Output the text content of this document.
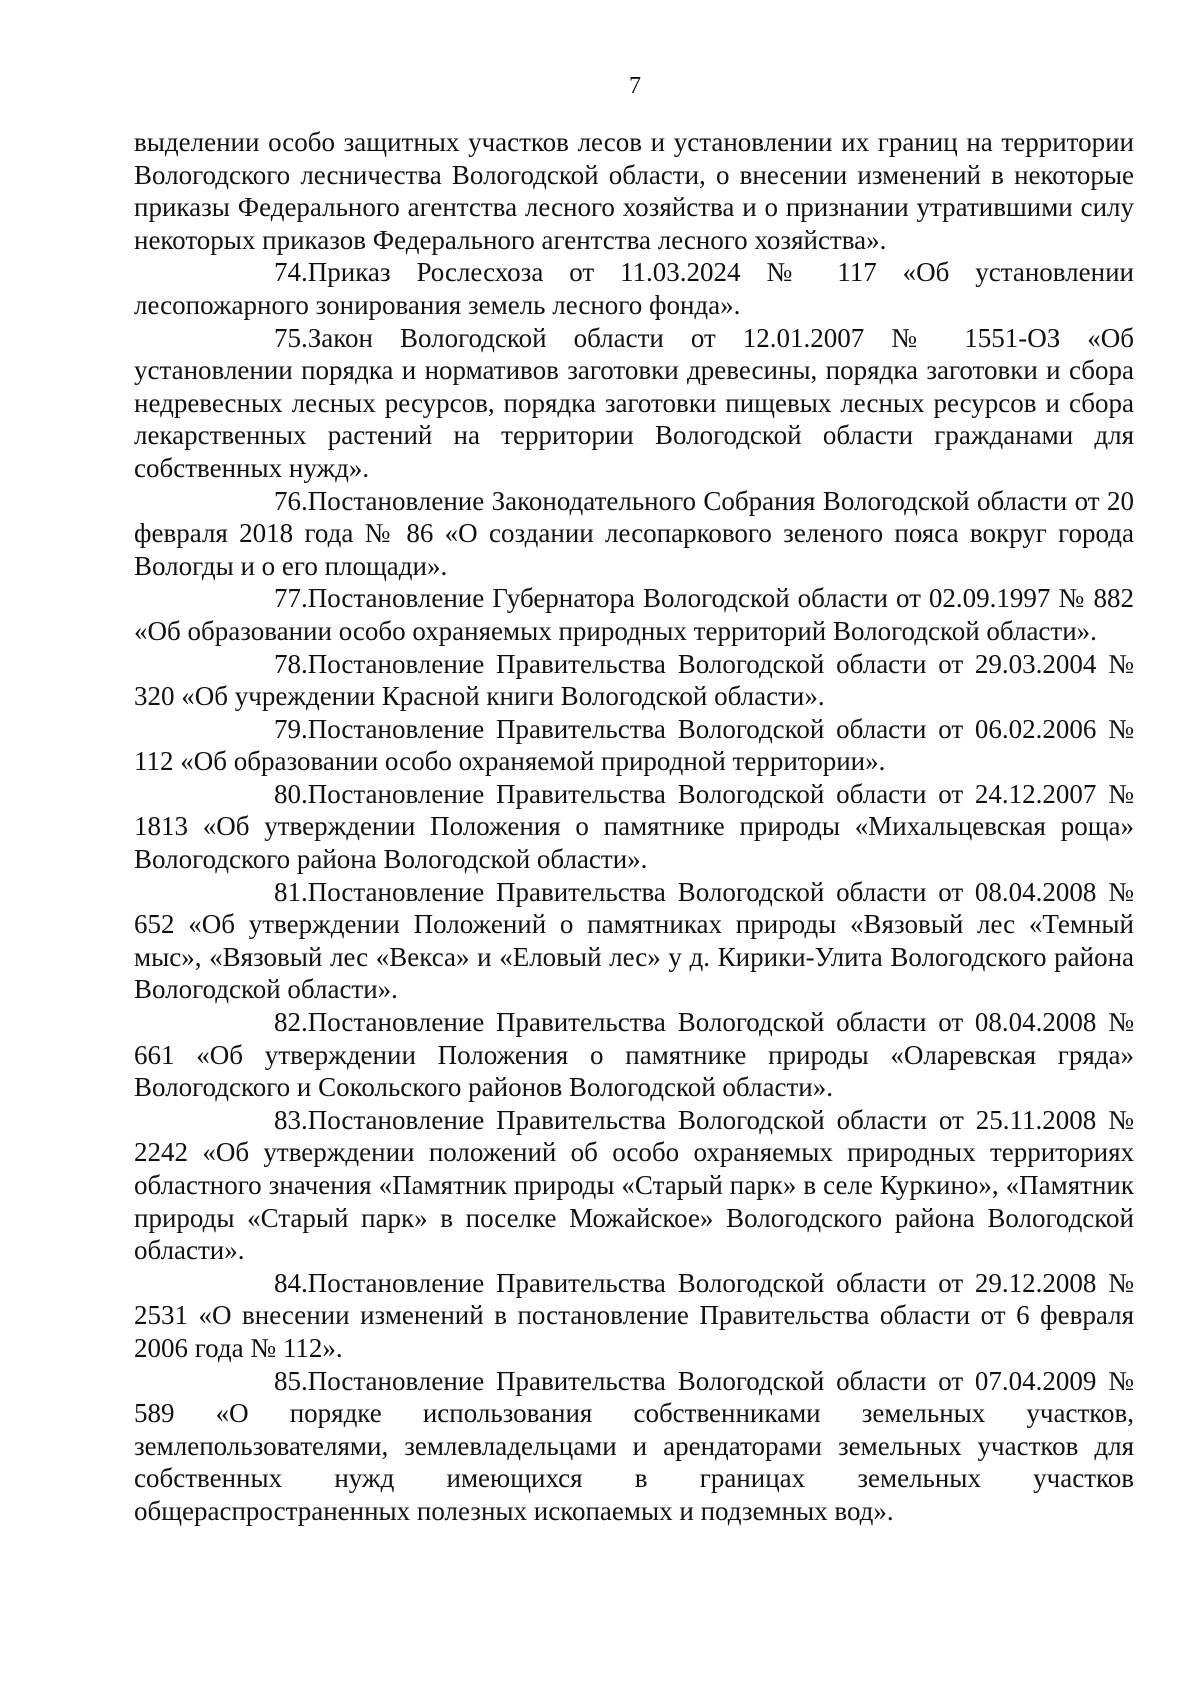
7

выделении особо защитных участков лесов и установлении их границ на территории Вологодского лесничества Вологодской области, о внесении изменений в некоторые приказы Федерального агентства лесного хозяйства и о признании утратившими силу некоторых приказов Федерального агентства лесного хозяйства».

74.Приказ Рослесхоза от 11.03.2024 № 117 «Об установлении лесопожарного зонирования земель лесного фонда».

75.Закон Вологодской области от 12.01.2007 № 1551-ОЗ «Об установлении порядка и нормативов заготовки древесины, порядка заготовки и сбора недревесных лесных ресурсов, порядка заготовки пищевых лесных ресурсов и сбора лекарственных растений на территории Вологодской области гражданами для собственных нужд».

76.Постановление Законодательного Собрания Вологодской области от 20 февраля 2018 года № 86 «О создании лесопаркового зеленого пояса вокруг города Вологды и о его площади».

77.Постановление Губернатора Вологодской области от 02.09.1997 № 882 «Об образовании особо охраняемых природных территорий Вологодской области».

78.Постановление Правительства Вологодской области от 29.03.2004 № 320 «Об учреждении Красной книги Вологодской области».

79.Постановление Правительства Вологодской области от 06.02.2006 № 112 «Об образовании особо охраняемой природной территории».

80.Постановление Правительства Вологодской области от 24.12.2007 № 1813 «Об утверждении Положения о памятнике природы «Михальцевская роща» Вологодского района Вологодской области».

81.Постановление Правительства Вологодской области от 08.04.2008 № 652 «Об утверждении Положений о памятниках природы «Вязовый лес «Темный мыс», «Вязовый лес «Векса» и «Еловый лес» у д. Кирики-Улита Вологодского района Вологодской области».

82.Постановление Правительства Вологодской области от 08.04.2008 № 661 «Об утверждении Положения о памятнике природы «Оларевская гряда» Вологодского и Сокольского районов Вологодской области».

83.Постановление Правительства Вологодской области от 25.11.2008 № 2242 «Об утверждении положений об особо охраняемых природных территориях областного значения «Памятник природы «Старый парк» в селе Куркино», «Памятник природы «Старый парк» в поселке Можайское» Вологодского района Вологодской области».

84.Постановление Правительства Вологодской области от 29.12.2008 № 2531 «О внесении изменений в постановление Правительства области от 6 февраля 2006 года № 112».

85.Постановление Правительства Вологодской области от 07.04.2009 № 589 «О порядке использования собственниками земельных участков, землепользователями, землевладельцами и арендаторами земельных участков для собственных нужд имеющихся в границах земельных участков общераспространенных полезных ископаемых и подземных вод».
